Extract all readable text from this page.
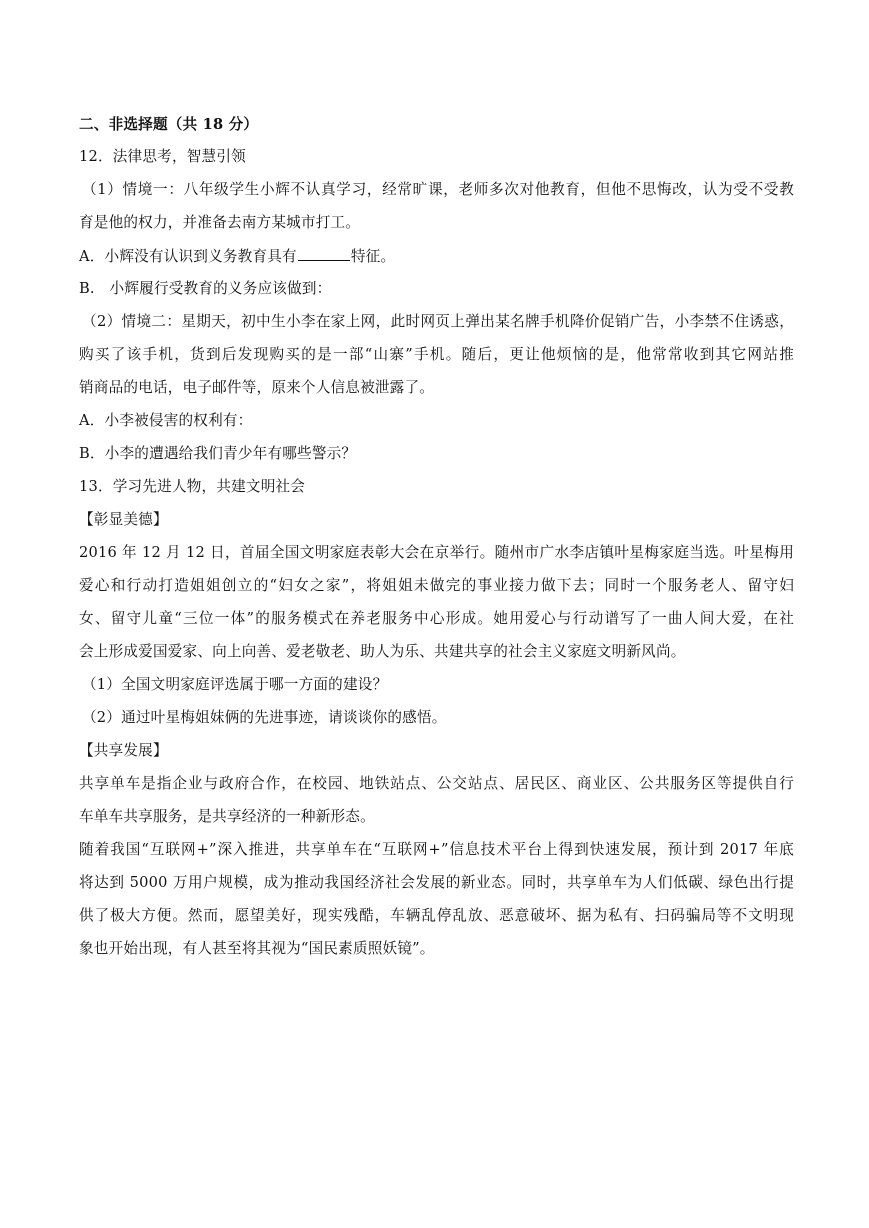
二、非选择题（共 18 分）
12．法律思考，智慧引领
（1）情境一：八年级学生小辉不认真学习，经常旷课，老师多次对他教育，但他不思悔改，认为受不受教
育是他的权力，并准备去南方某城市打工。
A．小辉没有认识到义务教育具有	特征。
B.　小辉履行受教育的义务应该做到：
（2）情境二：星期天，初中生小李在家上网，此时网页上弹出某名牌手机降价促销广告，小李禁不住诱惑，
购买了该手机，货到后发现购买的是一部“山寨”手机。随后，更让他烦恼的是，他常常收到其它网站推
销商品的电话，电子邮件等，原来个人信息被泄露了。
A．小李被侵害的权利有：
B．小李的遭遇给我们青少年有哪些警示？
13．学习先进人物，共建文明社会
【彰显美德】
2016 年 12 月 12 日，首届全国文明家庭表彰大会在京举行。随州市广水李店镇叶星梅家庭当选。叶星梅用
爱心和行动打造姐姐创立的“妇女之家”，将姐姐未做完的事业接力做下去；同时一个服务老人、留守妇
女、留守儿童“三位一体”的服务模式在养老服务中心形成。她用爱心与行动谱写了一曲人间大爱，在社
会上形成爱国爱家、向上向善、爱老敬老、助人为乐、共建共享的社会主义家庭文明新风尚。
（1）全国文明家庭评选属于哪一方面的建设？
（2）通过叶星梅姐妹俩的先进事迹，请谈谈你的感悟。
【共享发展】
共享单车是指企业与政府合作，在校园、地铁站点、公交站点、居民区、商业区、公共服务区等提供自行
车单车共享服务，是共享经济的一种新形态。
随着我国“互联网+”深入推进，共享单车在“互联网+”信息技术平台上得到快速发展，预计到 2017 年底
将达到 5000 万用户规模，成为推动我国经济社会发展的新业态。同时，共享单车为人们低碳、绿色出行提
供了极大方便。然而，愿望美好，现实残酷，车辆乱停乱放、恶意破坏、据为私有、扫码骗局等不文明现
象也开始出现，有人甚至将其视为“国民素质照妖镜”。
